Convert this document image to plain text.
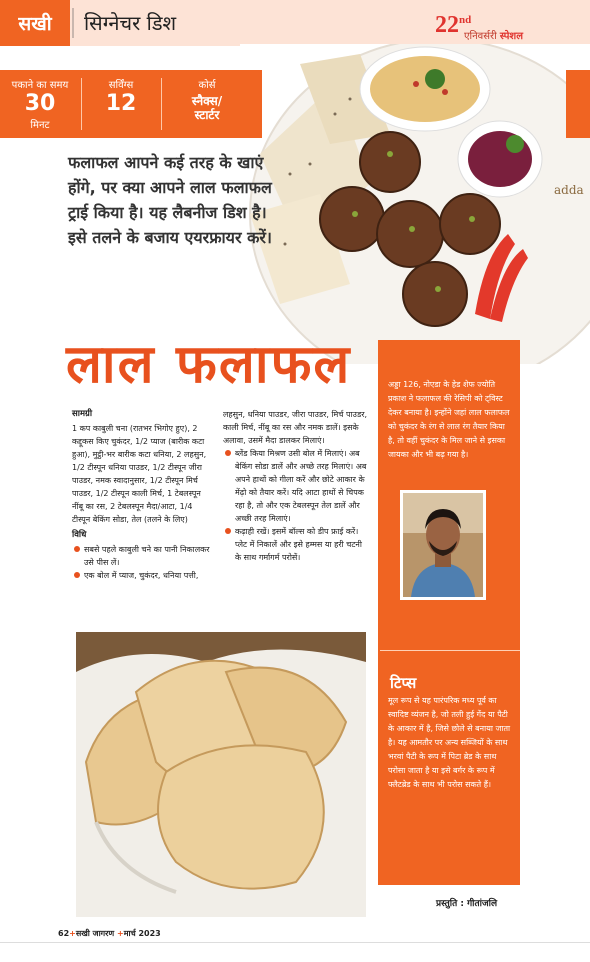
सखी	सिग्नेचर डिश	22nd
एनिवर्सरी स्पेशल
adda
पकाने का समय
30
मिनट
सर्विंग्स
12
कोर्स
स्नैक्स/
स्टार्टर
फलाफल आपने कई तरह के खाएं होंगे, पर क्या आपने लाल फलाफल ट्राई किया है। यह लैबनीज डिश है। इसे तलने के बजाय एयरफ्रायर करें।
लाल फलाफल	अड्डा 126, नोएडा के हेड शेफ ज्योति प्रकाश ने फलाफल की रेसिपी को ट्विस्ट देकर बनाया है। इन्होंने जहां लाल फलाफल को चुकंदर के रंग से लाल रंग तैयार किया है, तो वहीं चुकंदर के मिल जाने से इसका जायका और भी बढ़ गया है।
टिप्स
मूल रूप से यह पारंपरिक मध्य पूर्व का स्वादिष्ट व्यंजन है, जो तली हुई गेंद या पैटी के आकार में है, जिसे छोले से बनाया जाता है। यह आमतौर पर अन्य सब्जियों के साथ भरवां पैटी के रूप में पिटा ब्रेड के साथ परोसा जाता है या इसे बर्गर के रूप में फ्लैटब्रेड के साथ भी परोस सकते हैं।
सामग्री
1 कप काबुली चना (रातभर भिगोए हुए), 2 कद्दूकस किए चुकंदर, 1/2 प्याज (बारीक कटा हुआ), मुट्ठी-भर बारीक कटा धनिया, 2 लहसुन, 1/2 टीस्पून धनिया पाउडर, 1/2 टीस्पून जीरा पाउडर, नमक स्वादानुसार, 1/2 टीस्पून मिर्च पाउडर, 1/2 टीस्पून काली मिर्च, 1 टेबलस्पून नींबू का रस, 2 टेबलस्पून मैदा/आटा, 1/4 टीस्पून बेकिंग सोडा, तेल (तलने के लिए)
विधि
सबसे पहले काबुली चने का पानी निकालकर उसे पीस लें।
एक बोल में प्याज, चुकंदर, धनिया पत्ती,
लहसुन, धनिया पाउडर, जीरा पाउडर, मिर्च पाउडर, काली मिर्च, नींबू का रस और नमक डालें। इसके अलावा, उसमें मैदा डालकर मिलाएं।
ब्लेंड किया मिश्रण उसी बोल में मिलाएं। अब बेकिंग सोडा डालें और अच्छे तरह मिलाएं। अब अपने हाथों को गीला करें और छोटे आकार के मेंढ़ो को तैयार करें। यदि आटा हाथों से चिपक रहा है, तो और एक टेबलस्पून तेल डालें और अच्छी तरह मिलाएं।
कढ़ाही रखें। इसमें बॉल्स को डीप फ्राई करें। प्लेट में निकालें और इसे हम्मस या हरी चटनी के साथ गर्मागर्म परोसें।
प्रस्तुति : गीतांजलि
62+सखी जागरण +मार्च 2023
